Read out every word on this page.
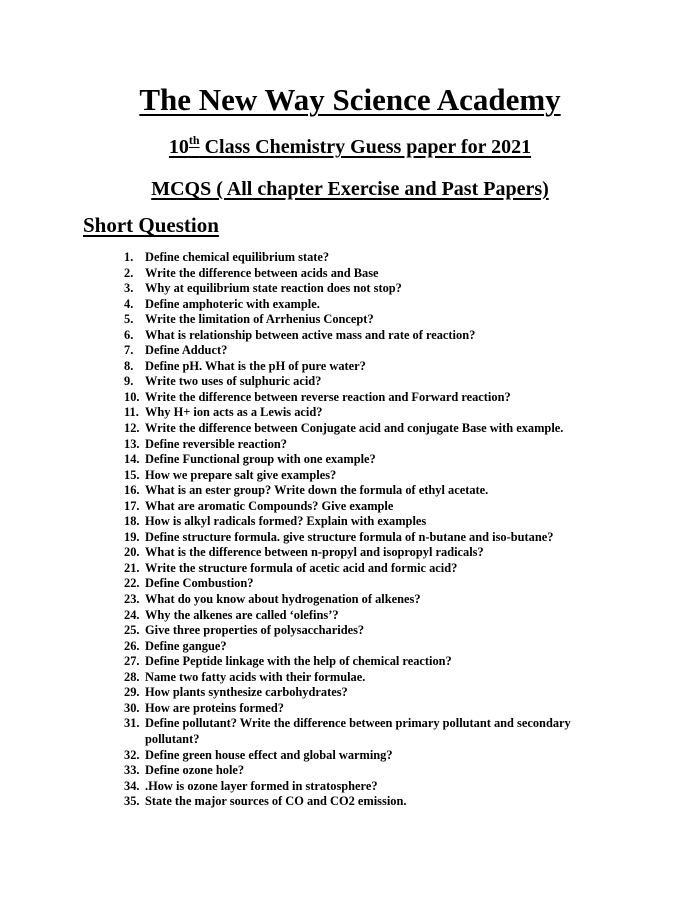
The New Way Science Academy
10th Class Chemistry Guess paper for 2021
MCQS ( All chapter Exercise and Past Papers)
Short Question
1. Define chemical equilibrium state?
2. Write the difference between acids and Base
3. Why at equilibrium state reaction does not stop?
4. Define amphoteric with example.
5. Write the limitation of Arrhenius Concept?
6. What is relationship between active mass and rate of reaction?
7. Define Adduct?
8. Define pH. What is the pH of pure water?
9. Write two uses of sulphuric acid?
10. Write the difference between reverse reaction and Forward reaction?
11. Why H+ ion acts as a Lewis acid?
12. Write the difference between Conjugate acid and conjugate Base with example.
13. Define reversible reaction?
14. Define Functional group with one example?
15. How we prepare salt give examples?
16. What is an ester group? Write down the formula of ethyl acetate.
17. What are aromatic Compounds? Give example
18. How is alkyl radicals formed? Explain with examples
19. Define structure formula. give structure formula of n-butane and iso-butane?
20. What is the difference between n-propyl and isopropyl radicals?
21. Write the structure formula of acetic acid and formic acid?
22. Define Combustion?
23. What do you know about hydrogenation of alkenes?
24. Why the alkenes are called ‘olefins’?
25. Give three properties of polysaccharides?
26. Define gangue?
27. Define Peptide linkage with the help of chemical reaction?
28. Name two fatty acids with their formulae.
29. How plants synthesize carbohydrates?
30. How are proteins formed?
31. Define pollutant? Write the difference between primary pollutant and secondary pollutant?
32. Define green house effect and global warming?
33. Define ozone hole?
34. .How is ozone layer formed in stratosphere?
35. State the major sources of CO and CO2 emission.
